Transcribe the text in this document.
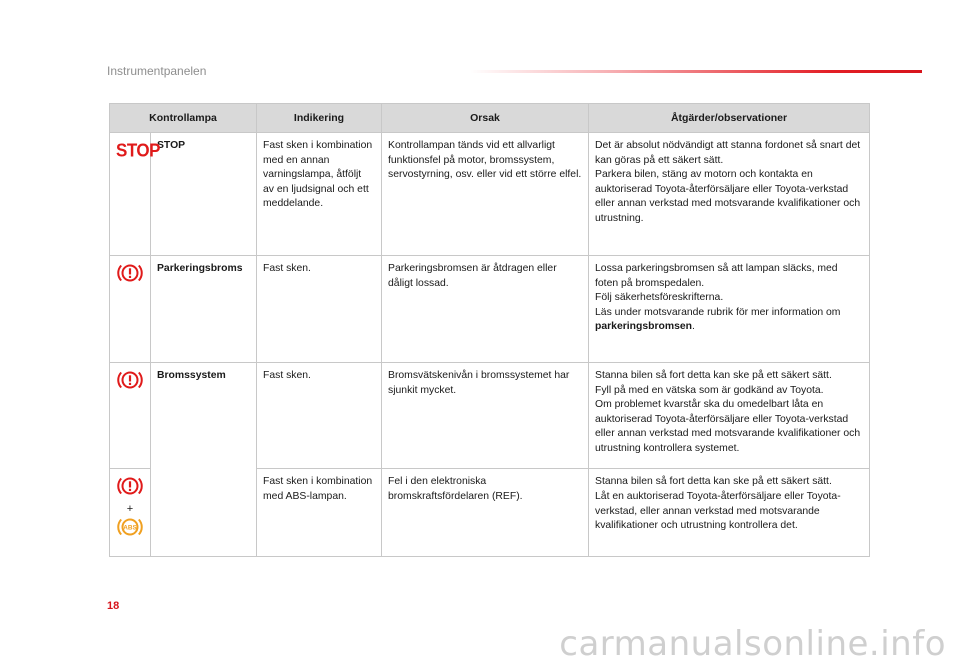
Instrumentpanelen
Kontrollampa		Indikering	Orsak	Åtgärder/observationer
STOP	STOP	Fast sken i kombination med en annan varningslampa, åtföljt av en ljudsignal och ett meddelande.	Kontrollampan tänds vid ett allvarligt funktionsfel på motor, bromssystem, servostyrning, osv. eller vid ett större elfel.	Det är absolut nödvändigt att stanna fordonet så snart det kan göras på ett säkert sätt.
Parkera bilen, stäng av motorn och kontakta en auktoriserad Toyota-återförsäljare eller Toyota-verkstad eller annan verkstad med motsvarande kvalifikationer och utrustning.
	Parkeringsbroms	Fast sken.	Parkeringsbromsen är åtdragen eller dåligt lossad.	Lossa parkeringsbromsen så att lampan släcks, med foten på bromspedalen.
Följ säkerhetsföreskrifterna.
Läs under motsvarande rubrik för mer information om parkeringsbromsen.
	Bromssystem	Fast sken.	Bromsvätskenivån i bromssystemet har sjunkit mycket.	Stanna bilen så fort detta kan ske på ett säkert sätt.
Fyll på med en vätska som är godkänd av Toyota.
Om problemet kvarstår ska du omedelbart låta en auktoriserad Toyota-återförsäljare eller Toyota-verkstad eller annan verkstad med motsvarande kvalifikationer och utrustning kontrollera systemet.

+
ABS		Fast sken i kombination med ABS-lampan.	Fel i den elektroniska bromskraftsfördelaren (REF).	Stanna bilen så fort detta kan ske på ett säkert sätt.
Låt en auktoriserad Toyota-återförsäljare eller Toyota-verkstad, eller annan verkstad med motsvarande kvalifikationer och utrustning kontrollera det.
18
carmanualsonline.info
